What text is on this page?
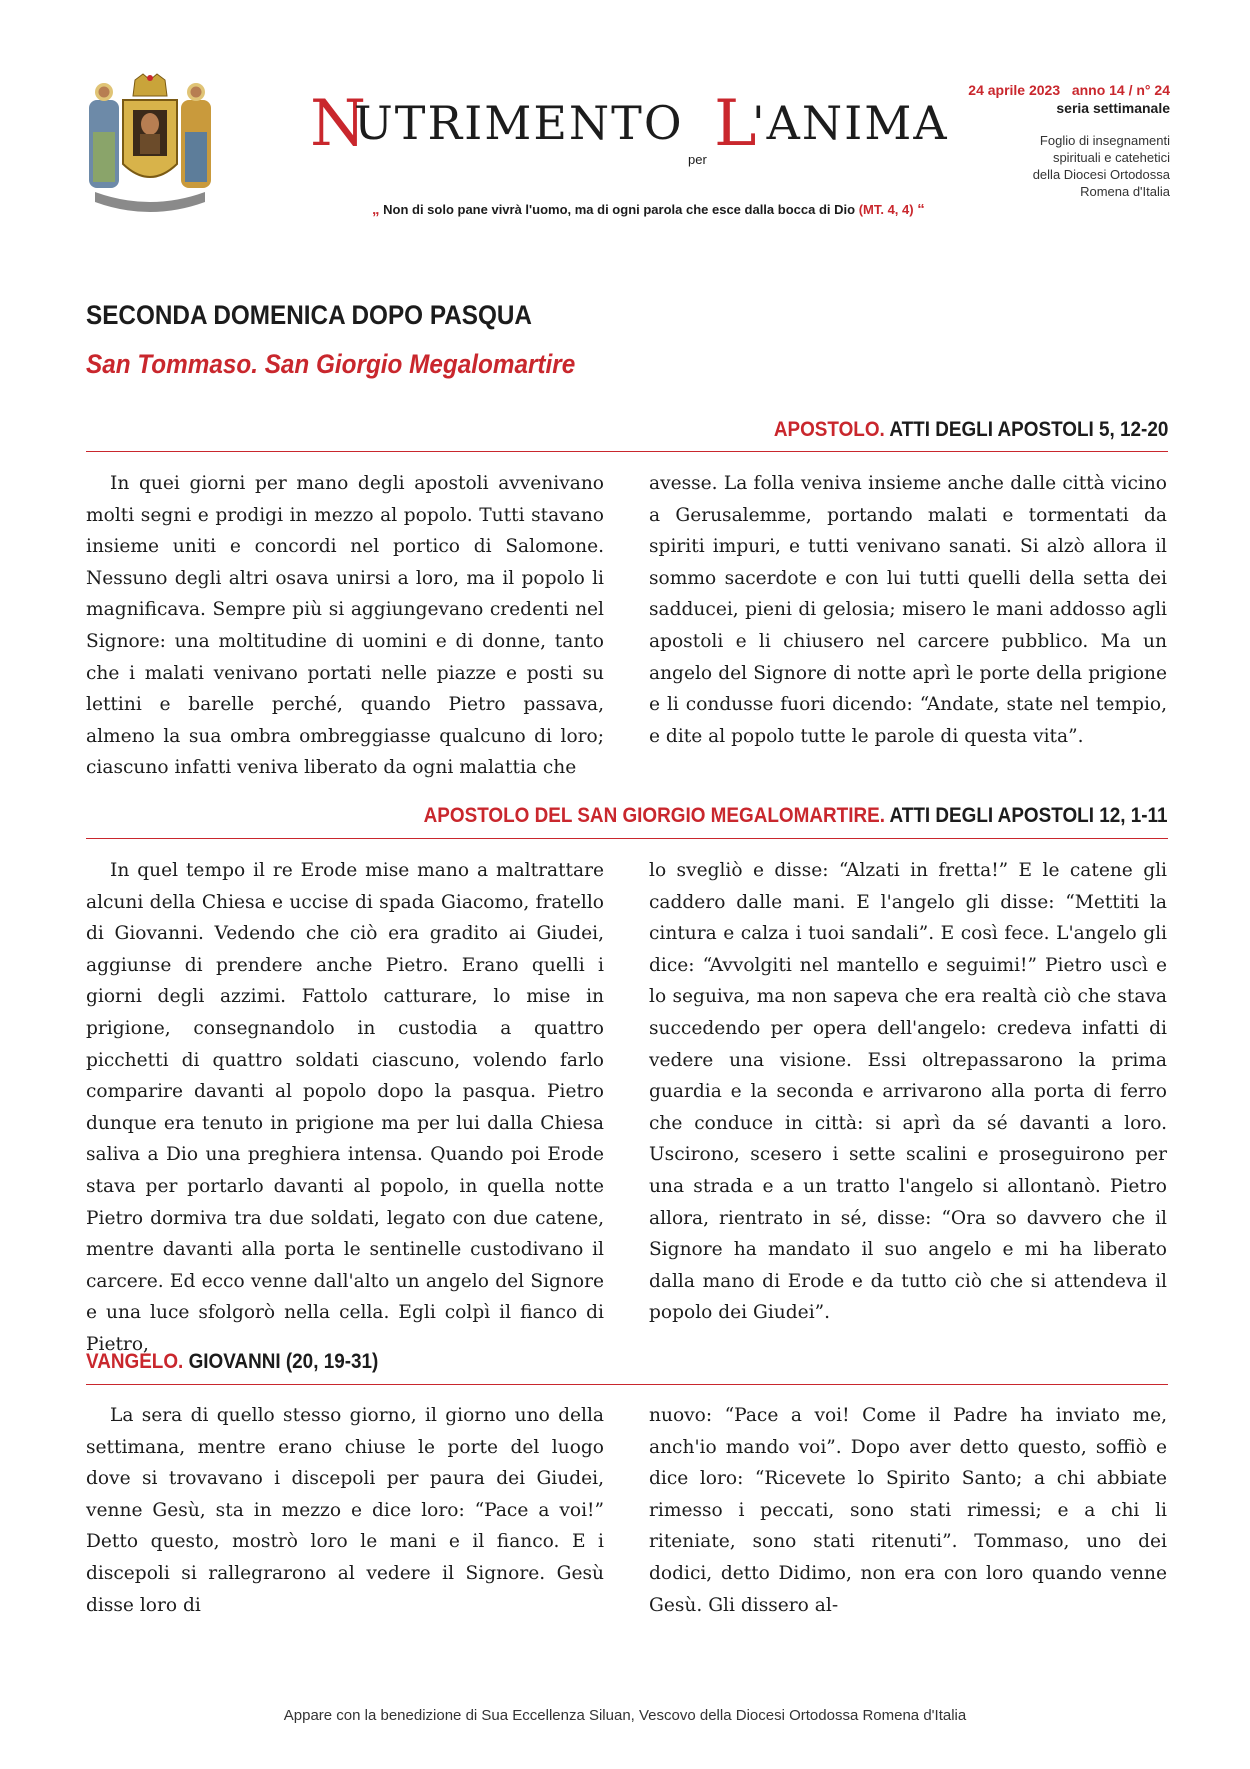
N
UTRIMENTO
per L
'ANIMA
„ Non di solo pane vivrà l'uomo, ma di ogni parola che esce dalla bocca di Dio (MT. 4, 4) “
24 aprile 2023 anno 14 / n° 24
seria settimanale
Foglio di insegnamenti
spirituali e catehetici
della Diocesi Ortodossa
Romena d'Italia
SECONDA DOMENICA DOPO PASQUA
San Tommaso. San Giorgio Megalomartire
APOSTOLO. ATTI DEGLI APOSTOLI 5, 12-20

In quei giorni per mano degli apostoli avvenivano molti segni e prodigi in mezzo al popolo. Tutti stavano insieme uniti e concordi nel portico di Salomone. Nessuno degli altri osava unirsi a loro, ma il popolo li magnificava. Sempre più si aggiungevano credenti nel Signore: una moltitudine di uomini e di donne, tanto che i malati venivano portati nelle piazze e posti su lettini e barelle perché, quando Pietro passava, almeno la sua ombra ombreggiasse qualcuno di loro; ciascuno infatti veniva liberato da ogni malattia che

avesse. La folla veniva insieme anche dalle città vicino a Gerusalemme, portando malati e tormentati da spiriti impuri, e tutti venivano sanati. Si alzò allora il sommo sacerdote e con lui tutti quelli della setta dei sadducei, pieni di gelosia; misero le mani addosso agli apostoli e li chiusero nel carcere pubblico. Ma un angelo del Signore di notte aprì le porte della prigione e li condusse fuori dicendo: “Andate, state nel tempio, e dite al popolo tutte le parole di questa vita”.

APOSTOLO DEL SAN GIORGIO MEGALOMARTIRE. ATTI DEGLI APOSTOLI 12, 1-11

In quel tempo il re Erode mise mano a maltrattare alcuni della Chiesa e uccise di spada Giacomo, fratello di Giovanni. Vedendo che ciò era gradito ai Giudei, aggiunse di prendere anche Pietro. Erano quelli i giorni degli azzimi. Fattolo catturare, lo mise in prigione, consegnandolo in custodia a quattro picchetti di quattro soldati ciascuno, volendo farlo comparire davanti al popolo dopo la pasqua. Pietro dunque era tenuto in prigione ma per lui dalla Chiesa saliva a Dio una preghiera intensa. Quando poi Erode stava per portarlo davanti al popolo, in quella notte Pietro dormiva tra due soldati, legato con due catene, mentre davanti alla porta le sentinelle custodivano il carcere. Ed ecco venne dall'alto un angelo del Signore e una luce sfolgorò nella cella. Egli colpì il fianco di Pietro,

lo svegliò e disse: “Alzati in fretta!” E le catene gli caddero dalle mani. E l'angelo gli disse: “Mettiti la cintura e calza i tuoi sandali”. E così fece. L'angelo gli dice: “Avvolgiti nel mantello e seguimi!” Pietro uscì e lo seguiva, ma non sapeva che era realtà ciò che stava succedendo per opera dell'angelo: credeva infatti di vedere una visione. Essi oltrepassarono la prima guardia e la seconda e arrivarono alla porta di ferro che conduce in città: si aprì da sé davanti a loro. Uscirono, scesero i sette scalini e proseguirono per una strada e a un tratto l'angelo si allontanò. Pietro allora, rientrato in sé, disse: “Ora so davvero che il Signore ha mandato il suo angelo e mi ha liberato dalla mano di Erode e da tutto ciò che si attendeva il popolo dei Giudei”.

VANGELO. GIOVANNI (20, 19-31)

La sera di quello stesso giorno, il giorno uno della settimana, mentre erano chiuse le porte del luogo dove si trovavano i discepoli per paura dei Giudei, venne Gesù, sta in mezzo e dice loro: “Pace a voi!” Detto questo, mostrò loro le mani e il fianco. E i discepoli si rallegrarono al vedere il Signore. Gesù disse loro di

nuovo: “Pace a voi! Come il Padre ha inviato me, anch'io mando voi”. Dopo aver detto questo, soffiò e dice loro: “Ricevete lo Spirito Santo; a chi abbiate rimesso i peccati, sono stati rimessi; e a chi li riteniate, sono stati ritenuti”. Tommaso, uno dei dodici, detto Didimo, non era con loro quando venne Gesù. Gli dissero al-

Appare con la benedizione di Sua Eccellenza Siluan, Vescovo della Diocesi Ortodossa Romena d'Italia
